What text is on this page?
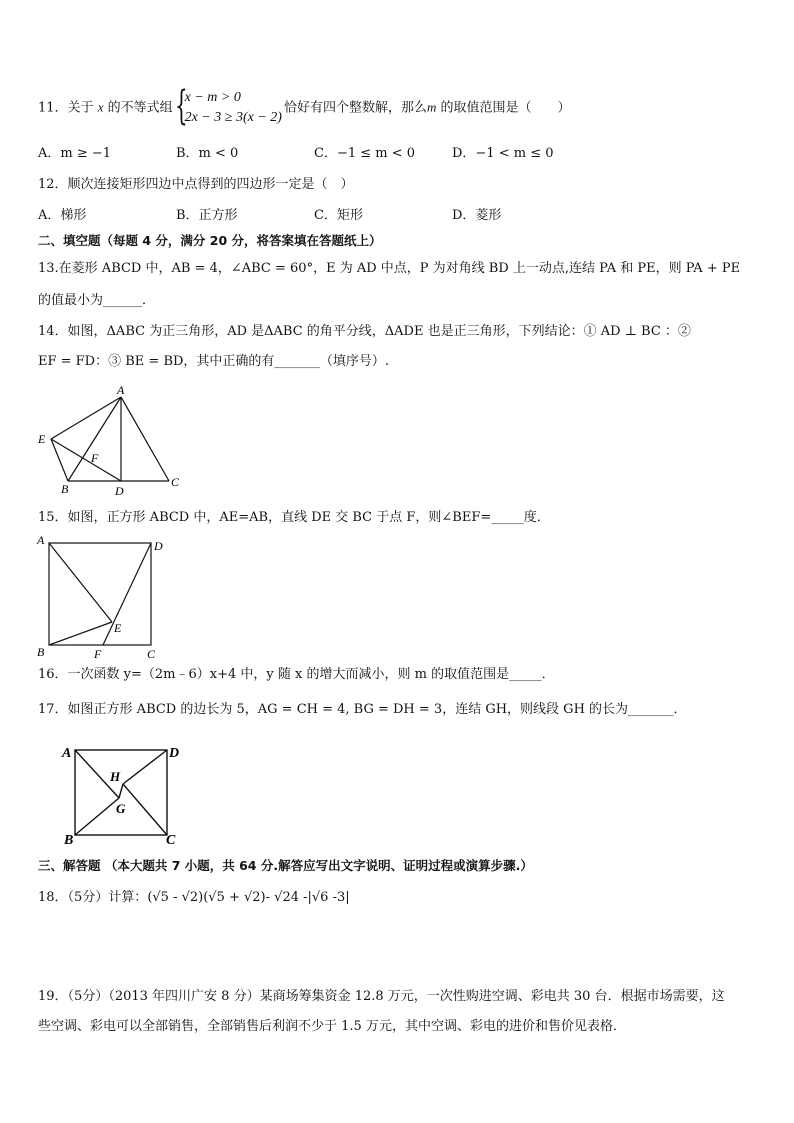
11．关于 x 的不等式组 {
x − m > 0
2x − 3 ≥ 3(x − 2)
恰好有四个整数解，那么m 的取值范围是（　　）
A．m ≥ −1	B．m < 0	C．−1 ≤ m < 0	D．−1 < m ≤ 0
12．顺次连接矩形四边中点得到的四边形一定是（　）
A．梯形	B．正方形	C．矩形	D．菱形
二、填空题（每题 4 分，满分 20 分，将答案填在答题纸上）
13.在菱形 ABCD 中，AB = 4，∠ABC = 60°，E 为 AD 中点，P 为对角线 BD 上一动点,连结 PA 和 PE，则 PA + PE
的值最小为______．
14．如图，ΔABC 为正三角形，AD 是ΔABC 的角平分线，ΔADE 也是正三角形，下列结论：① AD ⊥ BC ：②
EF = FD：③ BE = BD，其中正确的有_______（填序号）.
A
E
F
B	D
C
15．如图，正方形 ABCD 中，AE=AB，直线 DE 交 BC 于点 F，则∠BEF=_____度．
A	D
E
B	F	C
16．一次函数 y=（2m﹣6）x+4 中，y 随 x 的增大而减小，则 m 的取值范围是_____．
17．如图正方形 ABCD 的边长为 5，AG = CH = 4, BG = DH = 3，连结 GH，则线段 GH 的长为_______．
A	D
H
G
B	C
三、解答题 （本大题共 7 小题，共 64 分.解答应写出文字说明、证明过程或演算步骤.）
18．（5分）计算：(√5 - √2)(√5 + √2)- √24 -|√6 -3|
19．（5分）（2013 年四川广安 8 分）某商场筹集资金 12.8 万元，一次性购进空调、彩电共 30 台．根据市场需要，这
些空调、彩电可以全部销售，全部销售后利润不少于 1.5 万元，其中空调、彩电的进价和售价见表格．
